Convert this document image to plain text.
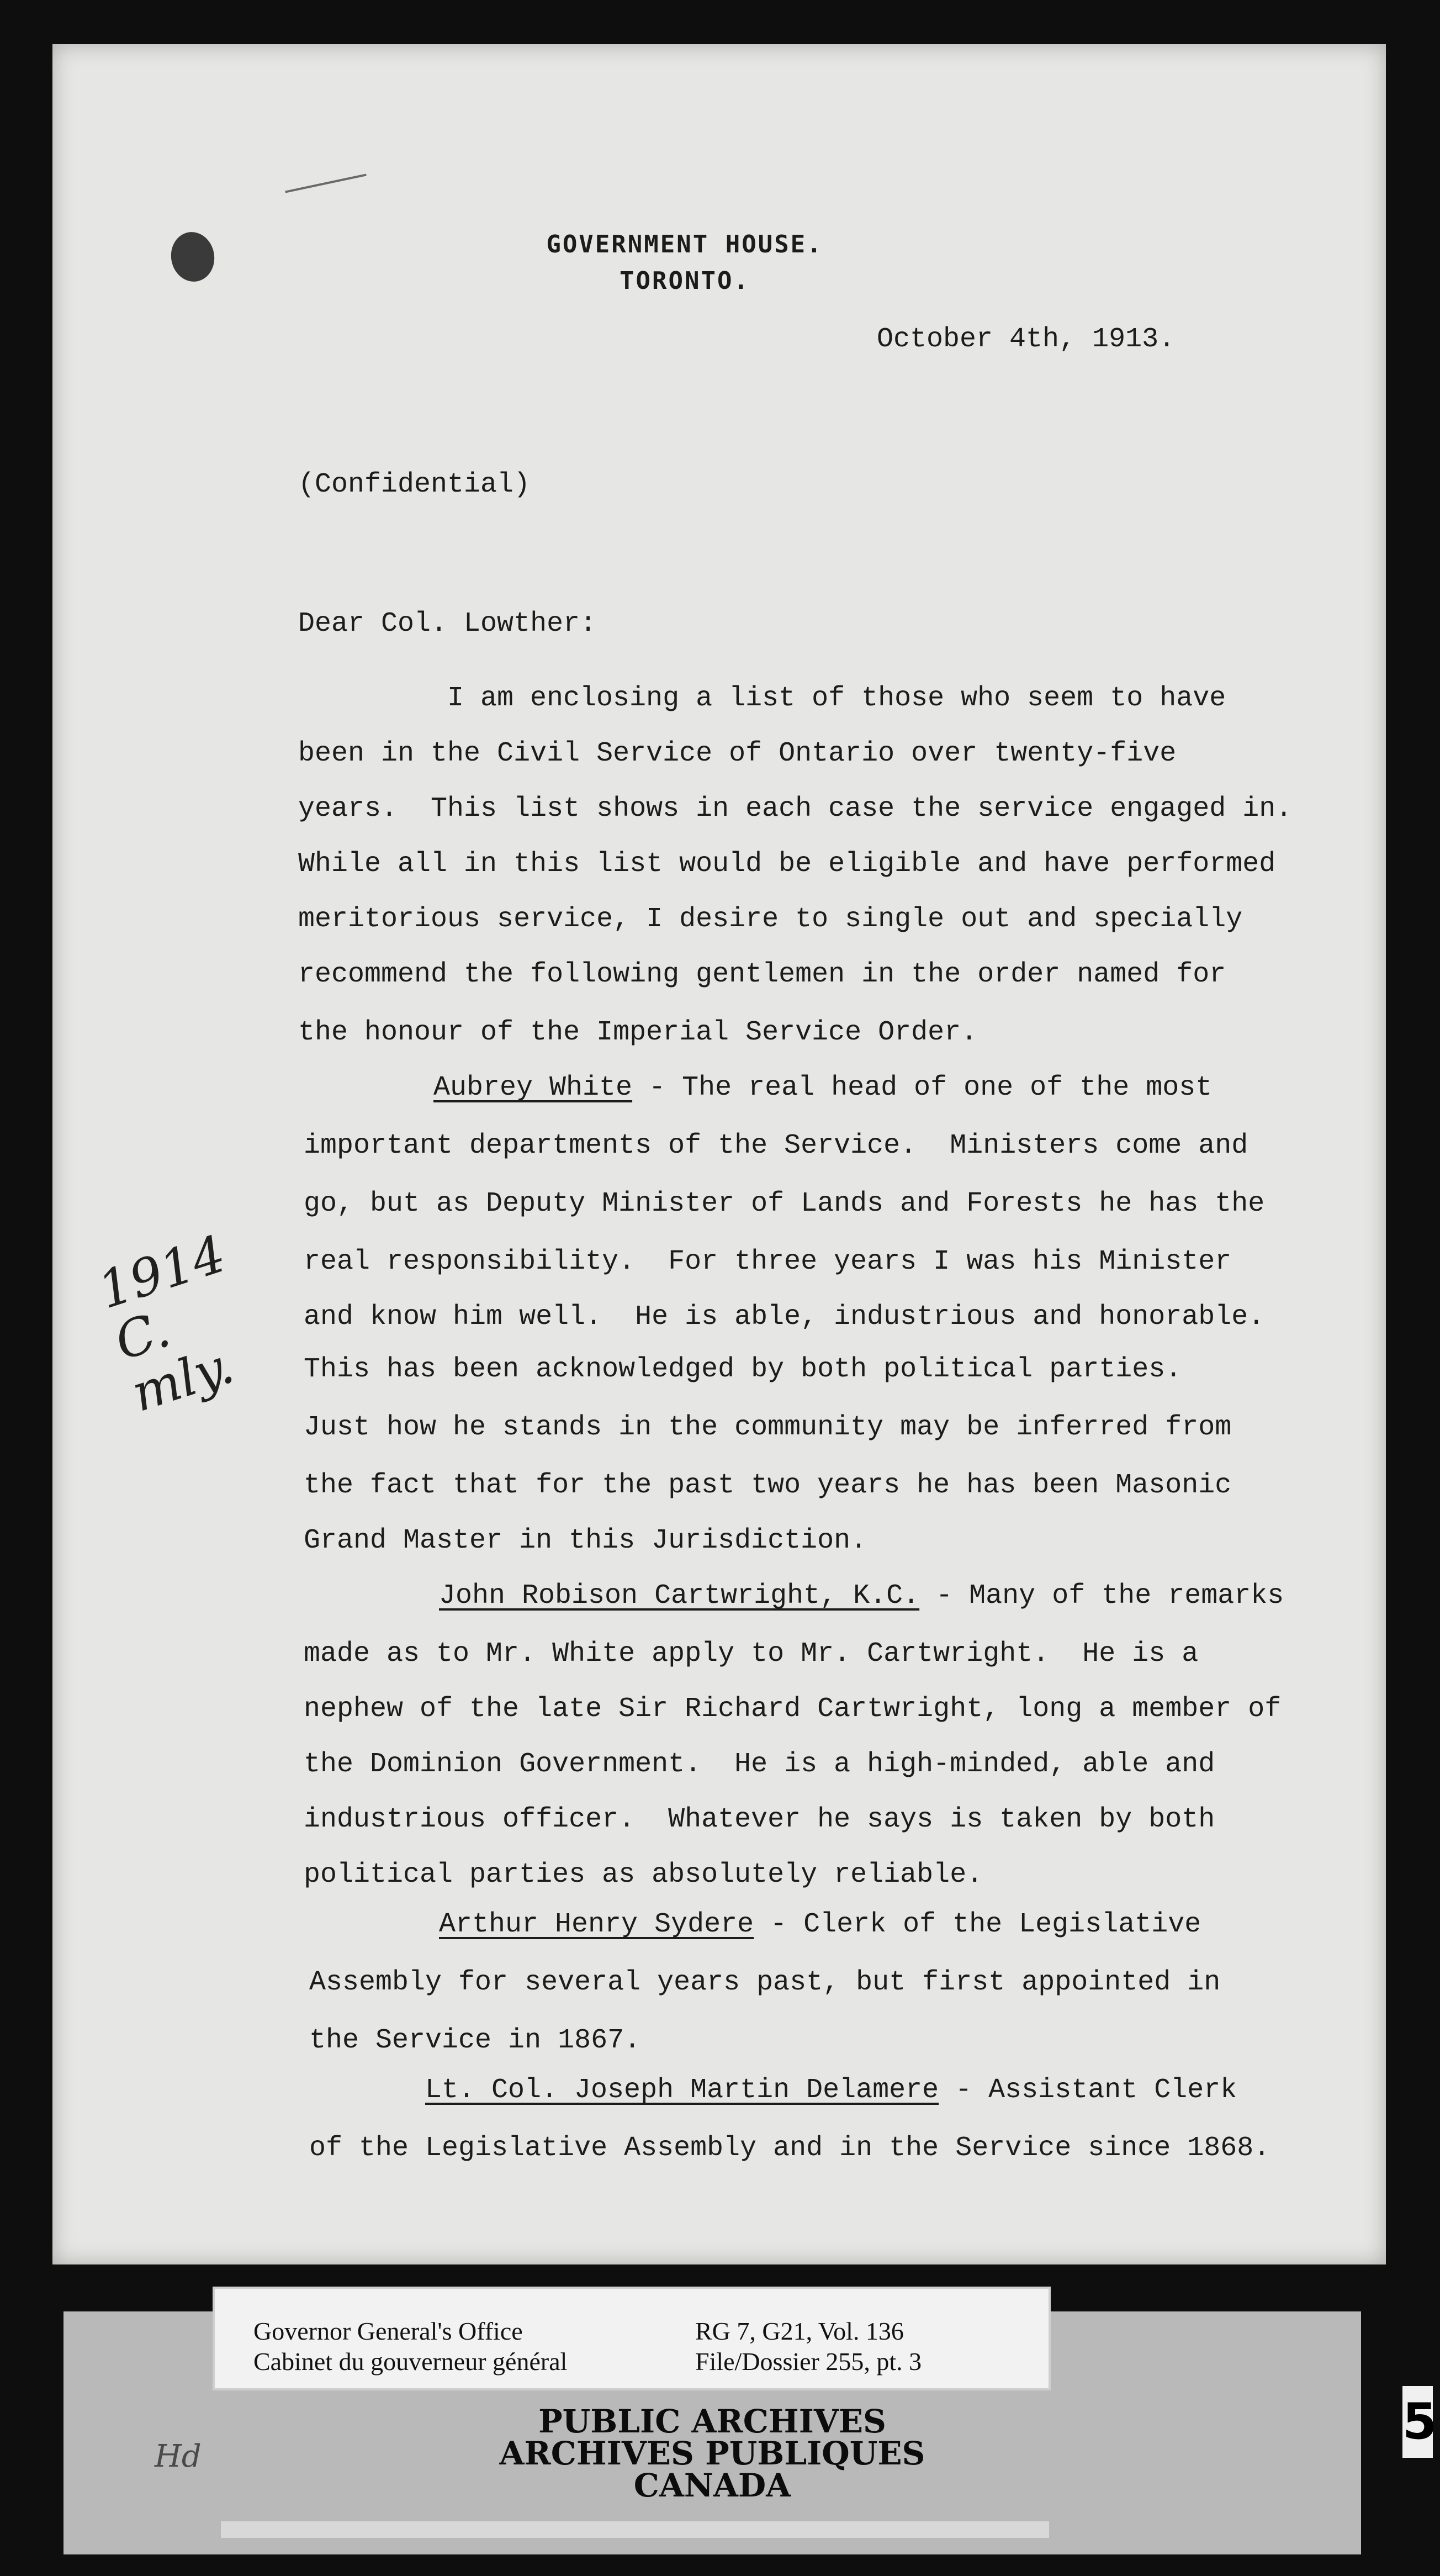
GOVERNMENT HOUSE.
TORONTO.
October 4th, 1913.
(Confidential)
Dear Col. Lowther:
I am enclosing a list of those who seem to have
been in the Civil Service of Ontario over twenty-five
years.  This list shows in each case the service engaged in.
While all in this list would be eligible and have performed
meritorious service, I desire to single out and specially
recommend the following gentlemen in the order named for
the honour of the Imperial Service Order.
Aubrey White - The real head of one of the most
important departments of the Service.  Ministers come and
go, but as Deputy Minister of Lands and Forests he has the
real responsibility.  For three years I was his Minister
and know him well.  He is able, industrious and honorable.
This has been acknowledged by both political parties.
Just how he stands in the community may be inferred from
the fact that for the past two years he has been Masonic
Grand Master in this Jurisdiction.
John Robison Cartwright, K.C. - Many of the remarks
made as to Mr. White apply to Mr. Cartwright.  He is a
nephew of the late Sir Richard Cartwright, long a member of
the Dominion Government.  He is a high-minded, able and
industrious officer.  Whatever he says is taken by both
political parties as absolutely reliable.
Arthur Henry Sydere - Clerk of the Legislative
Assembly for several years past, but first appointed in
the Service in 1867.
Lt. Col. Joseph Martin Delamere - Assistant Clerk
of the Legislative Assembly and in the Service since 1868.
1914
C. mly.
PUBLIC ARCHIVES
ARCHIVES PUBLIQUES
CANADA
Governor General's Office
Cabinet du gouverneur général
RG 7, G21, Vol. 136
File/Dossier 255, pt. 3
Hd
5
